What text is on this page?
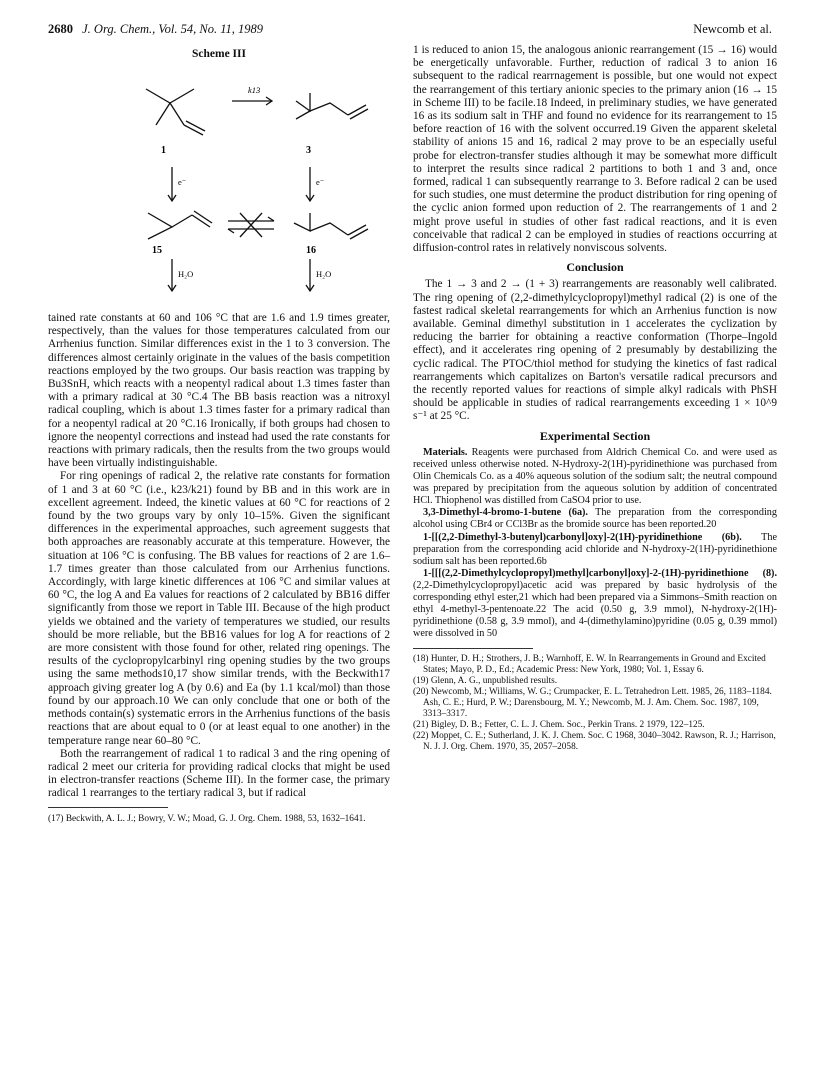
2680 J. Org. Chem., Vol. 54, No. 11, 1989	Newcomb et al.
Scheme III
k13
1	3
e⁻	e⁻
15	16
H₂O	H₂O

tained rate constants at 60 and 106 °C that are 1.6 and 1.9 times greater, respectively, than the values for those temperatures calculated from our Arrhenius function. Similar differences exist in the 1 to 3 conversion. The differences almost certainly originate in the values of the basis competition reactions employed by the two groups. Our basis reaction was trapping by Bu3SnH, which reacts with a neopentyl radical about 1.3 times faster than with a primary radical at 30 °C.4 The BB basis reaction was a nitroxyl radical coupling, which is about 1.3 times faster for a primary radical than for a neopentyl radical at 20 °C.16 Ironically, if both groups had chosen to ignore the neopentyl corrections and instead had used the rate constants for reactions with primary radicals, then the results from the two groups would have been virtually indistinguishable.

For ring openings of radical 2, the relative rate constants for formation of 1 and 3 at 60 °C (i.e., k23/k21) found by BB and in this work are in excellent agreement. Indeed, the kinetic values at 60 °C for reactions of 2 found by the two groups vary by only 10–15%. Given the significant differences in the experimental approaches, such agreement suggests that both approaches are reasonably accurate at this temperature. However, the situation at 106 °C is confusing. The BB values for reactions of 2 are 1.6–1.7 times greater than those calculated from our Arrhenius functions. Accordingly, with large kinetic differences at 106 °C and similar values at 60 °C, the log A and Ea values for reactions of 2 calculated by BB16 differ significantly from those we report in Table III. Because of the high product yields we obtained and the variety of temperatures we studied, our results should be more reliable, but the BB16 values for log A for reactions of 2 are more consistent with those found for other, related ring openings. The results of the cyclopropylcarbinyl ring opening studies by the two groups using the same methods10,17 show similar trends, with the Beckwith17 approach giving greater log A (by 0.6) and Ea (by 1.1 kcal/mol) than those found by our approach.10 We can only conclude that one or both of the methods contain(s) systematic errors in the Arrhenius functions of the basis reactions that are about equal to 0 (or at least equal to one another) in the temperature range near 60–80 °C.

Both the rearrangement of radical 1 to radical 3 and the ring opening of radical 2 meet our criteria for providing radical clocks that might be used in electron-transfer reactions (Scheme III). In the former case, the primary radical 1 rearranges to the tertiary radical 3, but if radical

(17) Beckwith, A. L. J.; Bowry, V. W.; Moad, G. J. Org. Chem. 1988, 53, 1632–1641.

1 is reduced to anion 15, the analogous anionic rearrangement (15 → 16) would be energetically unfavorable. Further, reduction of radical 3 to anion 16 subsequent to the radical rearrnagement is possible, but one would not expect the rearrangement of this tertiary anionic species to the primary anion (16 → 15 in Scheme III) to be facile.18 Indeed, in preliminary studies, we have generated 16 as its sodium salt in THF and found no evidence for its rearrangement to 15 before reaction of 16 with the solvent occurred.19 Given the apparent skeletal stability of anions 15 and 16, radical 2 may prove to be an especially useful probe for electron-transfer studies although it may be somewhat more difficult to interpret the results since radical 2 partitions to both 1 and 3 and, once formed, radical 1 can subsequently rearrange to 3. Before radical 2 can be used for such studies, one must determine the product distribution for ring opening of the cyclic anion formed upon reduction of 2. The rearrangements of 1 and 2 might prove useful in studies of other fast radical reactions, and it is even conceivable that radical 2 can be employed in studies of reactions occurring at diffusion-control rates in relatively nonviscous solvents.

Conclusion

The 1 → 3 and 2 → (1 + 3) rearrangements are reasonably well calibrated. The ring opening of (2,2-dimethylcyclopropyl)methyl radical (2) is one of the fastest radical skeletal rearrangements for which an Arrhenius function is now available. Geminal dimethyl substitution in 1 accelerates the cyclization by reducing the barrier for obtaining a reactive conformation (Thorpe–Ingold effect), and it accelerates ring opening of 2 presumably by destabilizing the cyclic radical. The PTOC/thiol method for studying the kinetics of fast radical rearrangements which capitalizes on Barton's versatile radical precursors and the recently reported values for reactions of simple alkyl radicals with PhSH should be applicable in studies of radical rearrangements exceeding 1 × 10^9 s⁻¹ at 25 °C.

Experimental Section

Materials. Reagents were purchased from Aldrich Chemical Co. and were used as received unless otherwise noted. N-Hydroxy-2(1H)-pyridinethione was purchased from Olin Chemicals Co. as a 40% aqueous solution of the sodium salt; the neutral compound was prepared by precipitation from the aqueous solution by addition of concentrated HCl. Thiophenol was distilled from CaSO4 prior to use.

3,3-Dimethyl-4-bromo-1-butene (6a). The preparation from the corresponding alcohol using CBr4 or CCl3Br as the bromide source has been reported.20

1-[[(2,2-Dimethyl-3-butenyl)carbonyl]oxy]-2(1H)-pyridinethione (6b). The preparation from the corresponding acid chloride and N-hydroxy-2(1H)-pyridinethione sodium salt has been reported.6b

1-[[[(2,2-Dimethylcyclopropyl)methyl]carbonyl]oxy]-2-(1H)-pyridinethione (8). (2,2-Dimethylcyclopropyl)acetic acid was prepared by basic hydrolysis of the corresponding ethyl ester,21 which had been prepared via a Simmons–Smith reaction on ethyl 4-methyl-3-pentenoate.22 The acid (0.50 g, 3.9 mmol), N-hydroxy-2(1H)-pyridinethione (0.58 g, 3.9 mmol), and 4-(dimethylamino)pyridine (0.05 g, 0.39 mmol) were dissolved in 50

(18) Hunter, D. H.; Strothers, J. B.; Warnhoff, E. W. In Rearrangements in Ground and Excited States; Mayo, P. D., Ed.; Academic Press: New York, 1980; Vol. 1, Essay 6.

(19) Glenn, A. G., unpublished results.

(20) Newcomb, M.; Williams, W. G.; Crumpacker, E. L. Tetrahedron Lett. 1985, 26, 1183–1184. Ash, C. E.; Hurd, P. W.; Darensbourg, M. Y.; Newcomb, M. J. Am. Chem. Soc. 1987, 109, 3313–3317.

(21) Bigley, D. B.; Fetter, C. L. J. Chem. Soc., Perkin Trans. 2 1979, 122–125.

(22) Moppet, C. E.; Sutherland, J. K. J. Chem. Soc. C 1968, 3040–3042. Rawson, R. J.; Harrison, N. J. J. Org. Chem. 1970, 35, 2057–2058.
